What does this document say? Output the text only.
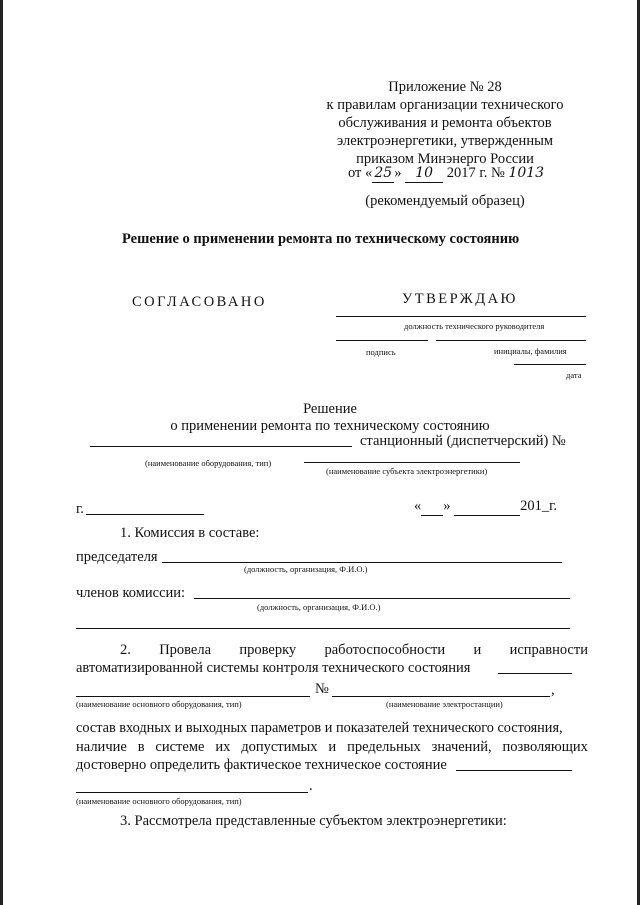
Приложение № 28
к правилам организации технического
обслуживания и ремонта объектов
электроэнергетики, утвержденным
приказом Минэнерго России
от « 25 » 10 2017 г. № 1013
(рекомендуемый образец)
Решение о применении ремонта по техническому состоянию
СОГЛАСОВАНО	УТВЕРЖДАЮ
должность технического руководителя
подпись	инициалы, фамилия
дата
Решение
о применении ремонта по техническому состоянию
станционный (диспетчерский) №
(наименование оборудования, тип)
(наименование субъекта электроэнергетики)
г.	« »	201_г.
1. Комиссия в составе:
председателя
(должность, организация, Ф.И.О.)
членов комиссии:
(должность, организация, Ф.И.О.)
2. Провела проверку работоспособности и исправности
автоматизированной системы контроля технического состояния
№	,
(наименование основного оборудования, тип)	(наименование электростанции)
состав входных и выходных параметров и показателей технического состояния,
наличие в системе их допустимых и предельных значений, позволяющих
достоверно определить фактическое техническое состояние
.
(наименование основного оборудования, тип)
3. Рассмотрела представленные субъектом электроэнергетики:
